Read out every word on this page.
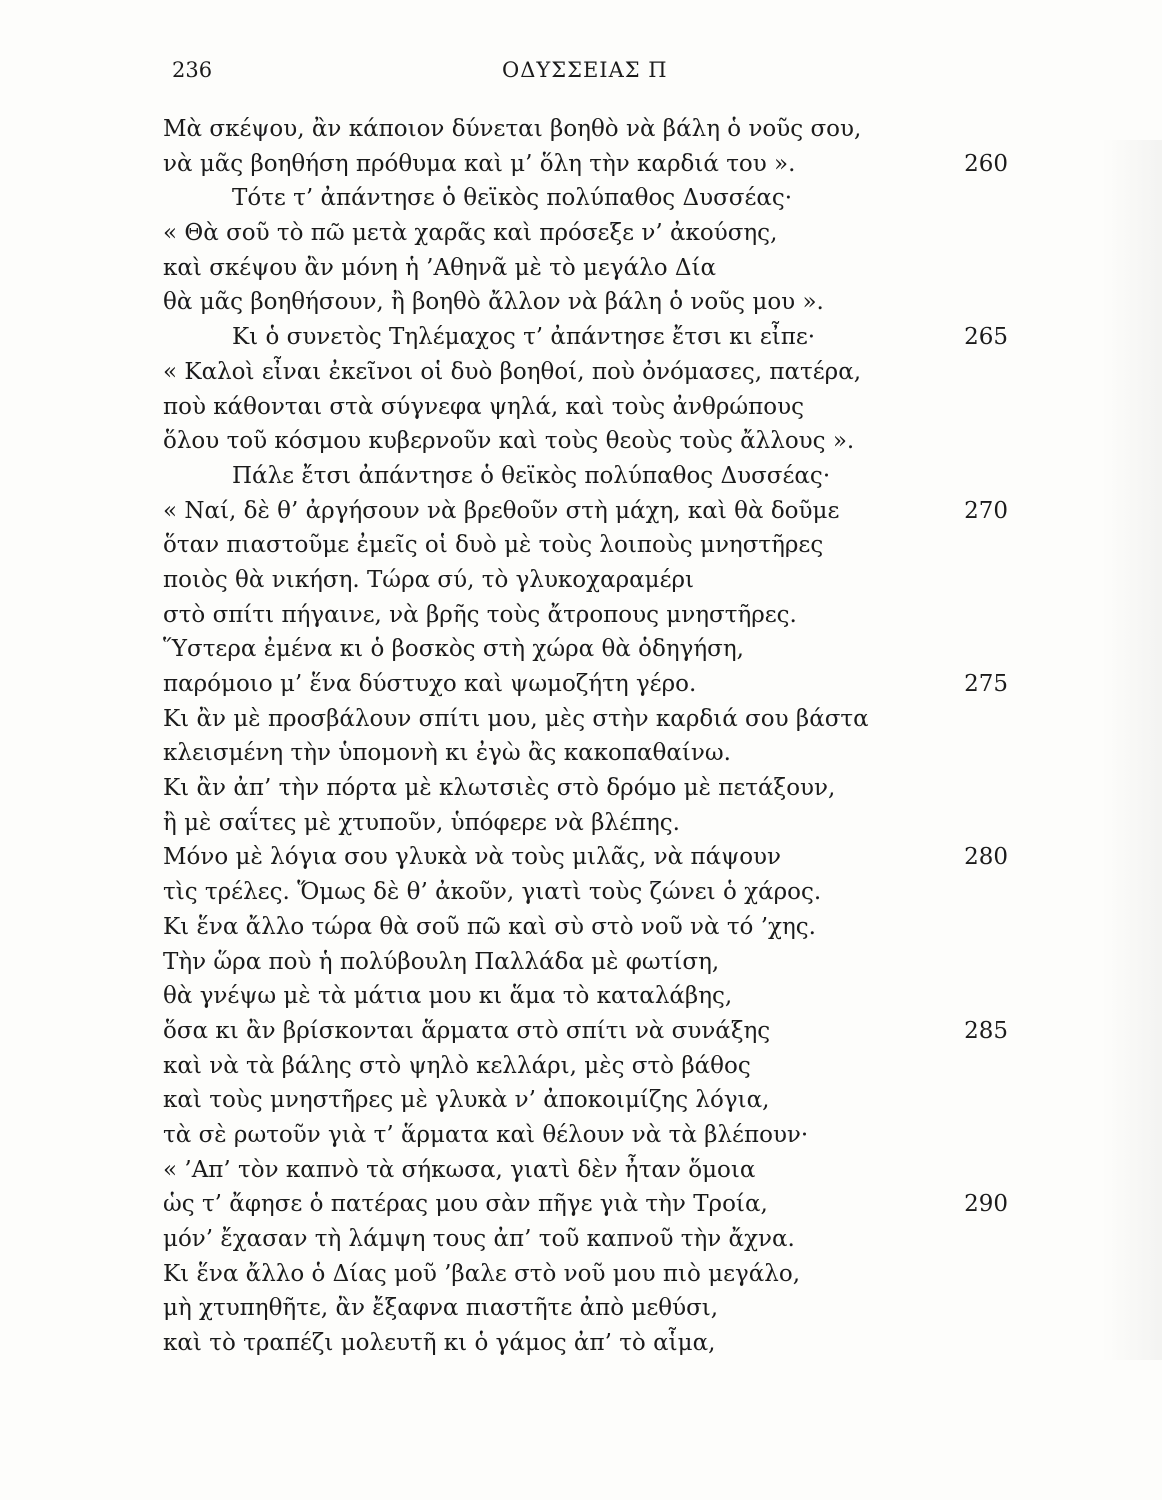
236	ΟΔΥΣΣΕΙΑΣ Π
Μὰ σκέψου, ἂν κάποιον δύνεται βοηθὸ νὰ βάλη ὁ νοῦς σου,
νὰ μᾶς βοηθήση πρόθυμα καὶ μ’ ὅλη τὴν καρδιά του ».	260
Τότε τ’ ἀπάντησε ὁ θεϊκὸς πολύπαθος Δυσσέας·
« Θὰ σοῦ τὸ πῶ μετὰ χαρᾶς καὶ πρόσεξε ν’ ἀκούσης,
καὶ σκέψου ἂν μόνη ἡ ’Αθηνᾶ μὲ τὸ μεγάλο Δία
θὰ μᾶς βοηθήσουν, ἢ βοηθὸ ἄλλον νὰ βάλη ὁ νοῦς μου ».
Κι ὁ συνετὸς Τηλέμαχος τ’ ἀπάντησε ἔτσι κι εἶπε·	265
« Καλοὶ εἶναι ἐκεῖνοι οἱ δυὸ βοηθοί, ποὺ ὀνόμασες, πατέρα,
ποὺ κάθονται στὰ σύγνεφα ψηλά, καὶ τοὺς ἀνθρώπους
ὅλου τοῦ κόσμου κυβερνοῦν καὶ τοὺς θεοὺς τοὺς ἄλλους ».
Πάλε ἔτσι ἀπάντησε ὁ θεϊκὸς πολύπαθος Δυσσέας·
« Ναί, δὲ θ’ ἀργήσουν νὰ βρεθοῦν στὴ μάχη, καὶ θὰ δοῦμε	270
ὅταν πιαστοῦμε ἐμεῖς οἱ δυὸ μὲ τοὺς λοιποὺς μνηστῆρες
ποιὸς θὰ νικήση. Τώρα σύ, τὸ γλυκοχαραμέρι
στὸ σπίτι πήγαινε, νὰ βρῆς τοὺς ἄτροπους μνηστῆρες.
Ὕστερα ἐμένα κι ὁ βοσκὸς στὴ χώρα θὰ ὁδηγήση,
παρόμοιο μ’ ἕνα δύστυχο καὶ ψωμοζήτη γέρο.	275
Κι ἂν μὲ προσβάλουν σπίτι μου, μὲς στὴν καρδιά σου βάστα
κλεισμένη τὴν ὑπομονὴ κι ἐγὼ ἂς κακοπαθαίνω.
Κι ἂν ἀπ’ τὴν πόρτα μὲ κλωτσιὲς στὸ δρόμο μὲ πετάξουν,
ἢ μὲ σαΐτες μὲ χτυποῦν, ὑπόφερε νὰ βλέπης.
Μόνο μὲ λόγια σου γλυκὰ νὰ τοὺς μιλᾶς, νὰ πάψουν	280
τὶς τρέλες. Ὅμως δὲ θ’ ἀκοῦν, γιατὶ τοὺς ζώνει ὁ χάρος.
Κι ἕνα ἄλλο τώρα θὰ σοῦ πῶ καὶ σὺ στὸ νοῦ νὰ τό ’χης.
Τὴν ὥρα ποὺ ἡ πολύβουλη Παλλάδα μὲ φωτίση,
θὰ γνέψω μὲ τὰ μάτια μου κι ἅμα τὸ καταλάβης,
ὅσα κι ἂν βρίσκονται ἅρματα στὸ σπίτι νὰ συνάξης	285
καὶ νὰ τὰ βάλης στὸ ψηλὸ κελλάρι, μὲς στὸ βάθος
καὶ τοὺς μνηστῆρες μὲ γλυκὰ ν’ ἀποκοιμίζης λόγια,
τὰ σὲ ρωτοῦν γιὰ τ’ ἅρματα καὶ θέλουν νὰ τὰ βλέπουν·
« ’Απ’ τὸν καπνὸ τὰ σήκωσα, γιατὶ δὲν ἦταν ὅμοια
ὡς τ’ ἄφησε ὁ πατέρας μου σὰν πῆγε γιὰ τὴν Τροία,	290
μόν’ ἔχασαν τὴ λάμψη τους ἀπ’ τοῦ καπνοῦ τὴν ἄχνα.
Κι ἕνα ἄλλο ὁ Δίας μοῦ ’βαλε στὸ νοῦ μου πιὸ μεγάλο,
μὴ χτυπηθῆτε, ἂν ἔξαφνα πιαστῆτε ἀπὸ μεθύσι,
καὶ τὸ τραπέζι μολευτῆ κι ὁ γάμος ἀπ’ τὸ αἷμα,
